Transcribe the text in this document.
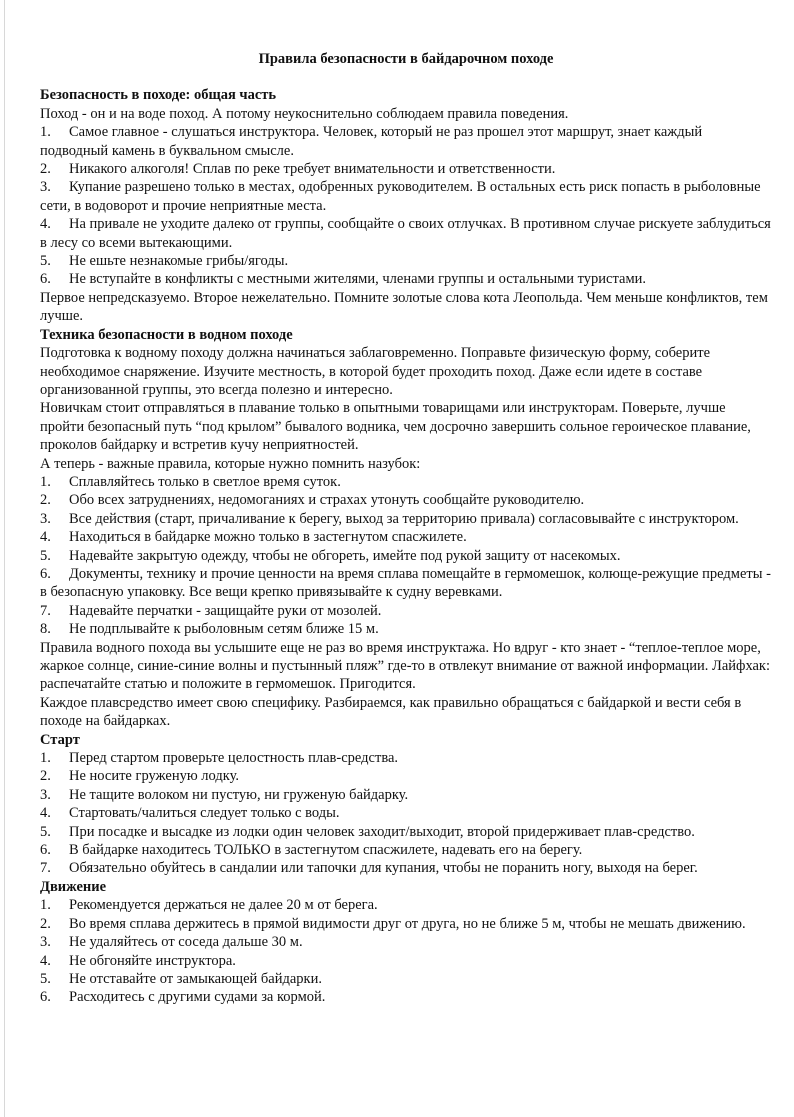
Правила безопасности в байдарочном походе
Безопасность в походе: общая часть
Поход - он и на воде поход. А потому неукоснительно соблюдаем правила поведения.
1. Самое главное - слушаться инструктора. Человек, который не раз прошел этот маршрут, знает каждый подводный камень в буквальном смысле.
2. Никакого алкоголя! Сплав по реке требует внимательности и ответственности.
3. Купание разрешено только в местах, одобренных руководителем. В остальных есть риск попасть в рыболовные сети, в водоворот и прочие неприятные места.
4. На привале не уходите далеко от группы, сообщайте о своих отлучках. В противном случае рискуете заблудиться в лесу со всеми вытекающими.
5. Не ешьте незнакомые грибы/ягоды.
6. Не вступайте в конфликты с местными жителями, членами группы и остальными туристами.
Первое непредсказуемо. Второе нежелательно. Помните золотые слова кота Леопольда. Чем меньше конфликтов, тем лучше.
Техника безопасности в водном походе
Подготовка к водному походу должна начинаться заблаговременно. Поправьте физическую форму, соберите необходимое снаряжение. Изучите местность, в которой будет проходить поход. Даже если идете в составе организованной группы, это всегда полезно и интересно.
Новичкам стоит отправляться в плавание только в опытными товарищами или инструкторам. Поверьте, лучше пройти безопасный путь “под крылом” бывалого водника, чем досрочно завершить сольное героическое плавание, проколов байдарку и встретив кучу неприятностей.
А теперь - важные правила, которые нужно помнить назубок:
1. Сплавляйтесь только в светлое время суток.
2. Обо всех затруднениях, недомоганиях и страхах утонуть сообщайте руководителю.
3. Все действия (старт, причаливание к берегу, выход за территорию привала) согласовывайте с инструктором.
4. Находиться в байдарке можно только в застегнутом спасжилете.
5. Надевайте закрытую одежду, чтобы не обгореть, имейте под рукой защиту от насекомых.
6. Документы, технику и прочие ценности на время сплава помещайте в гермомешок, колюще-режущие предметы - в безопасную упаковку. Все вещи крепко привязывайте к судну веревками.
7. Надевайте перчатки - защищайте руки от мозолей.
8. Не подплывайте к рыболовным сетям ближе 15 м.
Правила водного похода вы услышите еще не раз во время инструктажа. Но вдруг - кто знает - “теплое-теплое море, жаркое солнце, синие-синие волны и пустынный пляж” где-то в отвлекут внимание от важной информации. Лайфхак: распечатайте статью и положите в гермомешок. Пригодится.
Каждое плавсредство имеет свою специфику. Разбираемся, как правильно обращаться с байдаркой и вести себя в походе на байдарках.
Старт
1. Перед стартом проверьте целостность плав-средства.
2. Не носите груженую лодку.
3. Не тащите волоком ни пустую, ни груженую байдарку.
4. Стартовать/чалиться следует только с воды.
5. При посадке и высадке из лодки один человек заходит/выходит, второй придерживает плав-средство.
6. В байдарке находитесь ТОЛЬКО в застегнутом спасжилете, надевать его на берегу.
7. Обязательно обуйтесь в сандалии или тапочки для купания, чтобы не поранить ногу, выходя на берег.
Движение
1. Рекомендуется держаться не далее 20 м от берега.
2. Во время сплава держитесь в прямой видимости друг от друга, но не ближе 5 м, чтобы не мешать движению.
3. Не удаляйтесь от соседа дальше 30 м.
4. Не обгоняйте инструктора.
5. Не отставайте от замыкающей байдарки.
6. Расходитесь с другими судами за кормой.
